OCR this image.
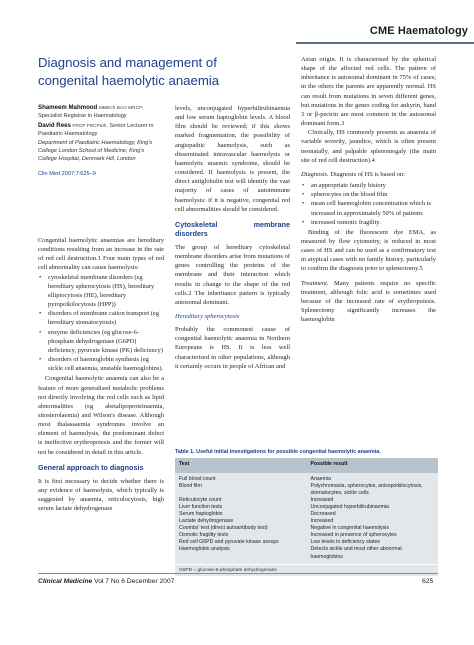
CME Haematology
Diagnosis and management of
congenital haemolytic anaemia
Shameem Mahmood MBBCh BAO MRCP, Specialist Registrar in Haematology
David Rees FRCP FRCPath, Senior Lecturer in Paediatric Haematology
Department of Paediatric Haematology, King's College London School of Medicine, King's College Hospital, Denmark Hill, London
Clin Med 2007;7:625–9

Congenital haemolytic anaemias are hereditary conditions resulting from an increase in the rate of red cell destruction.1 Four main types of red cell abnormality can cause haemolysis:

• cytoskeletal membrane disorders (eg hereditary spherocytosis (HS), hereditary elliptocytosis (HE), hereditary pyropoikilocytosis (HPP))
• disorders of membrane cation transport (eg hereditary stomatocytosis)
• enzyme deficiencies (eg glucose-6-phosphate dehydrogenase (G6PD) deficiency, pyruvate kinase (PK) deficiency)
• disorders of haemoglobin synthesis (eg sickle cell anaemia, unstable haemoglobins).

Congenital haemolytic anaemia can also be a feature of more generalised metabolic problems not directly involving the red cells such as lipid abnormalities (eg abetalipoproteinaemia, sitosterolaemia) and Wilson's disease. Although most thalassaemia syndromes involve an element of haemolysis, the predominant defect is ineffective erythropoiesis and the former will not be considered in detail in this article.

General approach to diagnosis

It is first necessary to decide whether there is any evidence of haemolysis, which typically is suggested by anaemia, reticulocytosis, high serum lactate dehydrogenase

levels, unconjugated hyperbilirubinaemia and low serum haptoglobin levels. A blood film should be reviewed; if this shows marked fragmentation, the possibility of angiopathic haemolysis, such as disseminated intravascular haemolysis or haemolytic uraemic syndrome, should be considered. If haemolysis is present, the direct antiglobulin test will identify the vast majority of cases of autoimmune haemolysis: if it is negative, congenital red cell abnormalities should be considered.

Cytoskeletal membrane disorders

The group of hereditary cytoskeletal membrane disorders arise from mutations of genes controlling the proteins of the membrane and their interaction which results in change to the shape of the red cells.2 The inheritance pattern is typically autosomal dominant.

Hereditary spherocytosis

Probably the commonest cause of congenital haemolytic anaemia in Northern Europeans is HS. It is less well characterised in other populations, although it certainly occurs in people of African and

Asian origin. It is characterised by the spherical shape of the affected red cells. The pattern of inheritance is autosomal dominant in 75% of cases; in the others the parents are apparently normal. HS can result from mutations in seven different genes, but mutations in the genes coding for ankyrin, band 3 or β-pectrin are most common in the autosomal dominant form.3

Clinically, HS commonly presents as anaemia of variable severity, jaundice, which is often present neonatally, and palpable splenomegaly (the main site of red cell destruction).4

Diagnosis. Diagnosis of HS is based on:

• an appropriate family history
• spherocytes on the blood film
• mean cell haemoglobin concentration which is increased in approximately 50% of patients
• increased osmotic fragility.

Binding of the fluorescent dye EMA, as measured by flow cytometry, is reduced in most cases of HS and can be used as a confirmatory test in atypical cases with no family history, particularly to confirm the diagnosis prior to splenectomy.5

Treatment. Many patients require no specific treatment, although folic acid is sometimes used because of the increased rate of erythropoiesis. Splenectomy significantly increases the haemoglobin

Table 1. Useful initial investigations for possible congenital haemolytic anaemia.
Test	Possible result
Full blood count	Anaemia
Blood film	Polychromasia, spherocytes, anisopoikilocytosis, stomatocytes, sickle cells
Reticulocyte count	Increased
Liver function tests	Unconjugated hyperbilirubinaemia
Serum haptoglobin	Decreased
Lactate dehydrogenase	Increased
Coombs' test (direct autoantibody test)	Negative in congenital haemolysis
Osmotic fragility tests	Increased in presence of spherocytes
Red cell G6PD and pyruvate kinase assays	Low levels in deficiency states
Haemoglobin analysis	Detects sickle and most other abnormal haemoglobins
G6PD = glucose-6-phosphate dehydrogenase
Clinical Medicine Vol 7 No 6 December 2007	625
